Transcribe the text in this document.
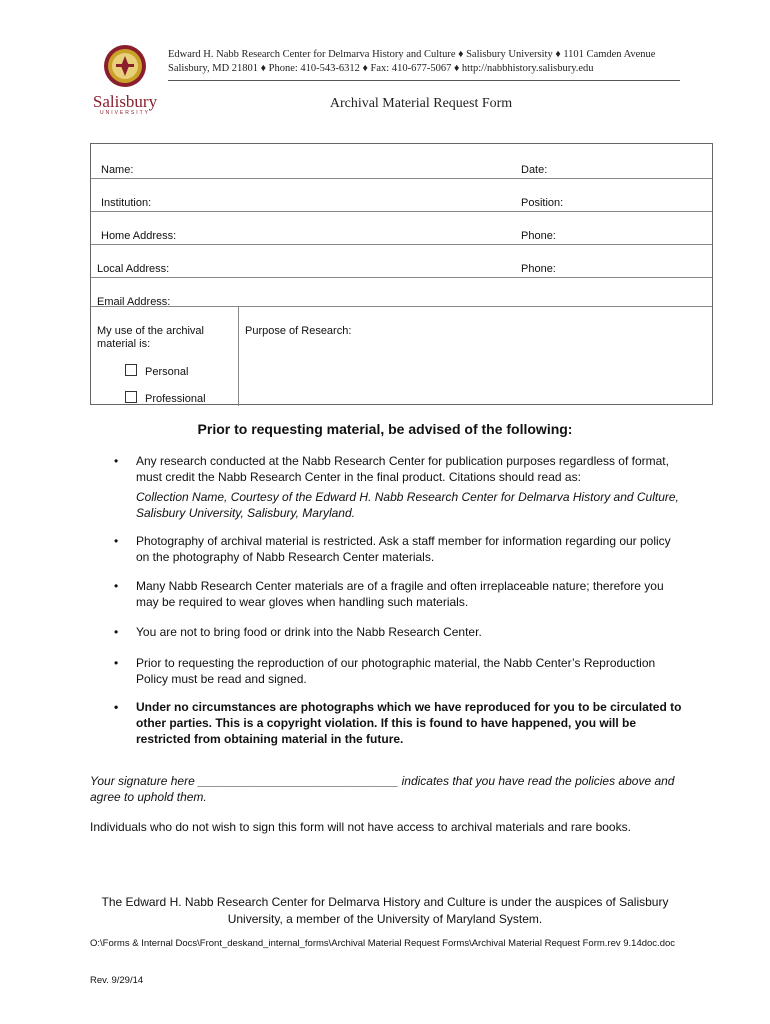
Salisbury
UNIVERSITY
Edward H. Nabb Research Center for Delmarva History and Culture ♦ Salisbury University ♦ 1101 Camden Avenue
Salisbury, MD 21801 ♦ Phone: 410-543-6312 ♦ Fax: 410-677-5067 ♦ http://nabbhistory.salisbury.edu
Archival Material Request Form
Name:	Date:
Institution:	Position:
Home Address:	Phone:
Local Address:	Phone:
Email Address:
My use of the archival material is:
Personal
Professional
Purpose of Research:
Prior to requesting material, be advised of the following:
• Any research conducted at the Nabb Research Center for publication purposes regardless of format, must credit the Nabb Research Center in the final product. Citations should read as:
Collection Name, Courtesy of the Edward H. Nabb Research Center for Delmarva History and Culture, Salisbury University, Salisbury, Maryland.
• Photography of archival material is restricted. Ask a staff member for information regarding our policy on the photography of Nabb Research Center materials.
• Many Nabb Research Center materials are of a fragile and often irreplaceable nature; therefore you may be required to wear gloves when handling such materials.
• You are not to bring food or drink into the Nabb Research Center.
• Prior to requesting the reproduction of our photographic material, the Nabb Center’s Reproduction Policy must be read and signed.
• Under no circumstances are photographs which we have reproduced for you to be circulated to other parties. This is a copyright violation. If this is found to have happened, you will be restricted from obtaining material in the future.
Your signature here ______________________________ indicates that you have read the policies above and agree to uphold them.
Individuals who do not wish to sign this form will not have access to archival materials and rare books.
The Edward H. Nabb Research Center for Delmarva History and Culture is under the auspices of Salisbury University, a member of the University of Maryland System.
O:\Forms & Internal Docs\Front_deskand_internal_forms\Archival Material Request Forms\Archival Material Request Form.rev 9.14doc.doc
Rev. 9/29/14
